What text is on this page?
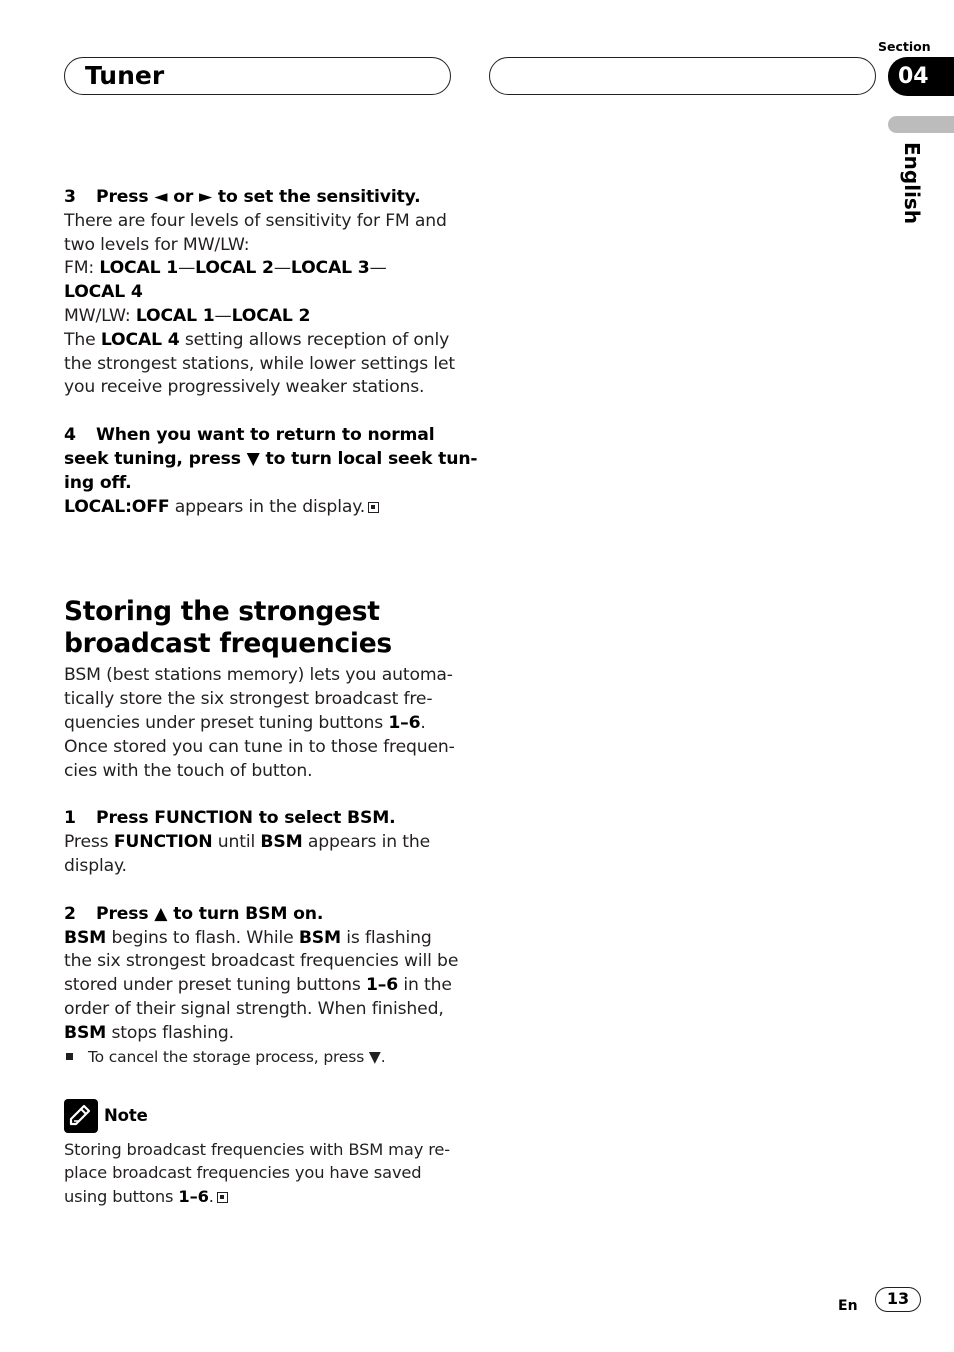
Tuner
Section
04
English
3 Press ◄ or ► to set the sensitivity.
There are four levels of sensitivity for FM and
two levels for MW/LW:
FM: LOCAL 1—LOCAL 2—LOCAL 3—
LOCAL 4
MW/LW: LOCAL 1—LOCAL 2
The LOCAL 4 setting allows reception of only
the strongest stations, while lower settings let
you receive progressively weaker stations.
4 When you want to return to normal
seek tuning, press ▼ to turn local seek tun-
ing off.
LOCAL:OFF appears in the display.
Storing the strongest
broadcast frequencies
BSM (best stations memory) lets you automa-
tically store the six strongest broadcast fre-
quencies under preset tuning buttons 1–6.
Once stored you can tune in to those frequen-
cies with the touch of button.
1 Press FUNCTION to select BSM.
Press FUNCTION until BSM appears in the
display.
2 Press ▲ to turn BSM on.
BSM begins to flash. While BSM is flashing
the six strongest broadcast frequencies will be
stored under preset tuning buttons 1–6 in the
order of their signal strength. When finished,
BSM stops flashing.
To cancel the storage process, press ▼.
Note
Storing broadcast frequencies with BSM may re-
place broadcast frequencies you have saved
using buttons 1–6.
En	13
